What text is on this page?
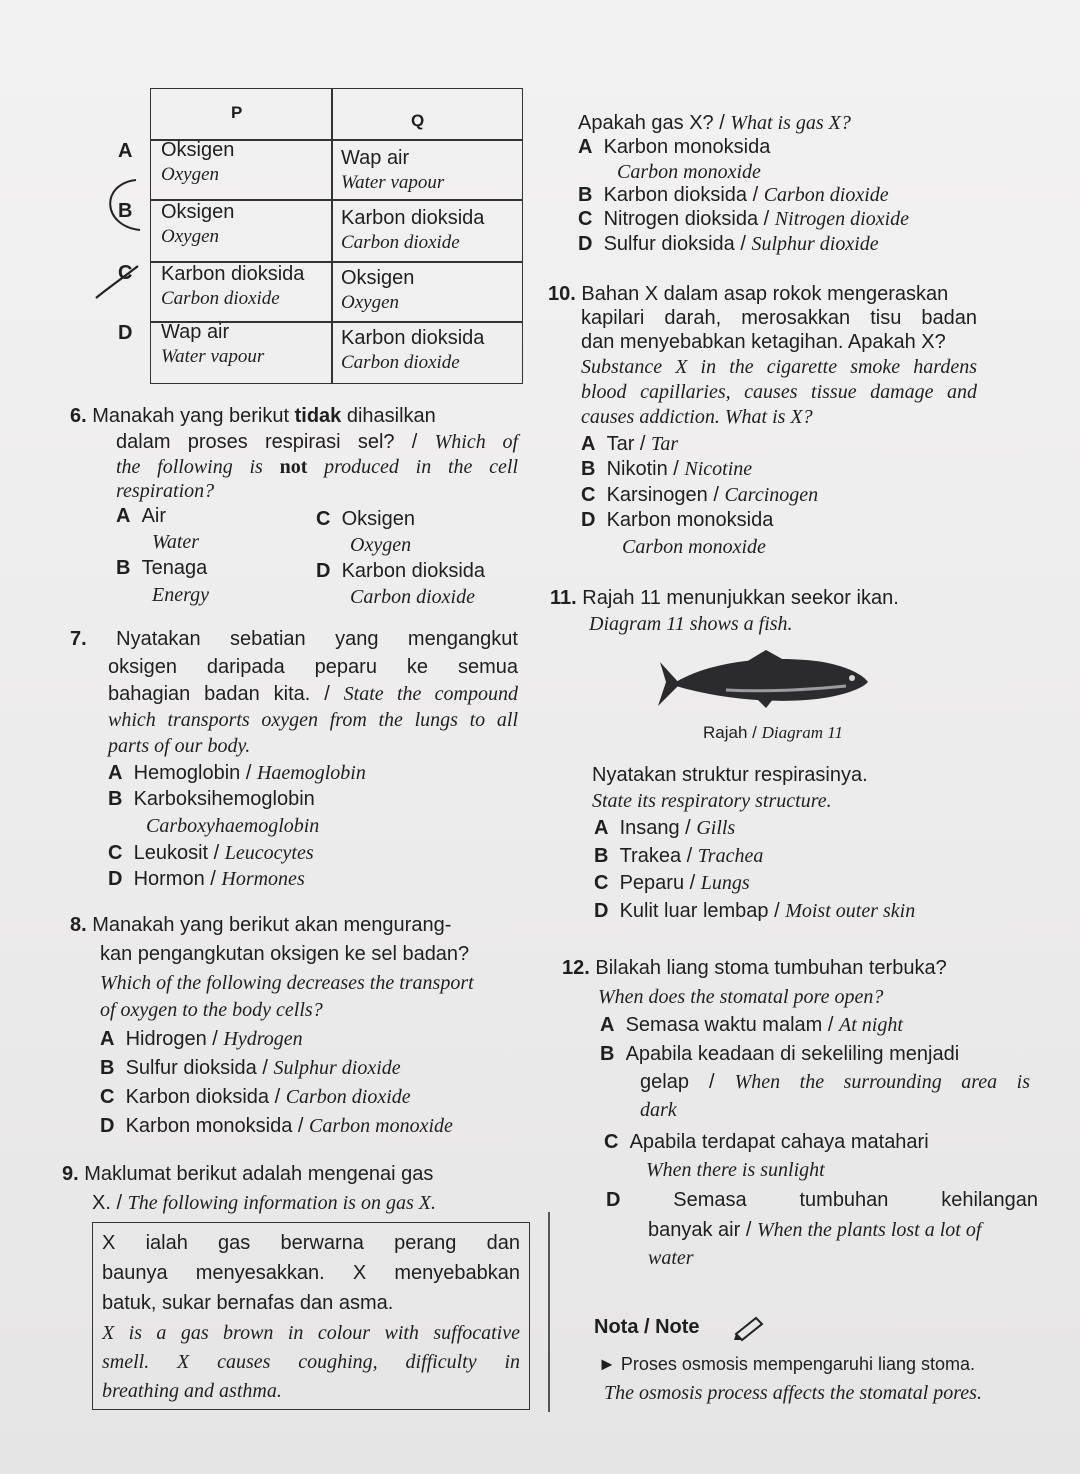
P	Q
Oksigen
Oxygen
Wap air
Water vapour
Oksigen
Oxygen
Karbon dioksida
Carbon dioxide
Karbon dioksida
Carbon dioxide
Oksigen
Oxygen
Wap air
Water vapour
Karbon dioksida
Carbon dioxide
A
B
C
D
6. Manakah yang berikut tidak dihasilkan
dalam proses respirasi sel? / Which of
the following is not produced in the cell
respiration?
A Air
Water
B Tenaga
Energy
C Oksigen
Oxygen
D Karbon dioksida
Carbon dioxide
7. Nyatakan sebatian yang mengangkut
oksigen daripada peparu ke semua
bahagian badan kita. / State the compound
which transports oxygen from the lungs to all
parts of our body.
A Hemoglobin / Haemoglobin
B Karboksihemoglobin
Carboxyhaemoglobin
C Leukosit / Leucocytes
D Hormon / Hormones
8. Manakah yang berikut akan mengurang-
kan pengangkutan oksigen ke sel badan?
Which of the following decreases the transport
of oxygen to the body cells?
A Hidrogen / Hydrogen
B Sulfur dioksida / Sulphur dioxide
C Karbon dioksida / Carbon dioxide
D Karbon monoksida / Carbon monoxide
9. Maklumat berikut adalah mengenai gas
X. / The following information is on gas X.
X ialah gas berwarna perang dan
baunya menyesakkan. X menyebabkan
batuk, sukar bernafas dan asma.
X is a gas brown in colour with suffocative
smell. X causes coughing, difficulty in
breathing and asthma.
Apakah gas X? / What is gas X?
A Karbon monoksida
Carbon monoxide
B Karbon dioksida / Carbon dioxide
C Nitrogen dioksida / Nitrogen dioxide
D Sulfur dioksida / Sulphur dioxide
10. Bahan X dalam asap rokok mengeraskan
kapilari darah, merosakkan tisu badan
dan menyebabkan ketagihan. Apakah X?
Substance X in the cigarette smoke hardens
blood capillaries, causes tissue damage and
causes addiction. What is X?
A Tar / Tar
B Nikotin / Nicotine
C Karsinogen / Carcinogen
D Karbon monoksida
Carbon monoxide
11. Rajah 11 menunjukkan seekor ikan.
Diagram 11 shows a fish.
Rajah / Diagram 11
Nyatakan struktur respirasinya.
State its respiratory structure.
A Insang / Gills
B Trakea / Trachea
C Peparu / Lungs
D Kulit luar lembap / Moist outer skin
12. Bilakah liang stoma tumbuhan terbuka?
When does the stomatal pore open?
A Semasa waktu malam / At night
B Apabila keadaan di sekeliling menjadi
gelap / When the surrounding area is
dark
C Apabila terdapat cahaya matahari
When there is sunlight
D	Semasa tumbuhan kehilangan
banyak air / When the plants lost a lot of
water
Nota / Note
► Proses osmosis mempengaruhi liang stoma.
The osmosis process affects the stomatal pores.
